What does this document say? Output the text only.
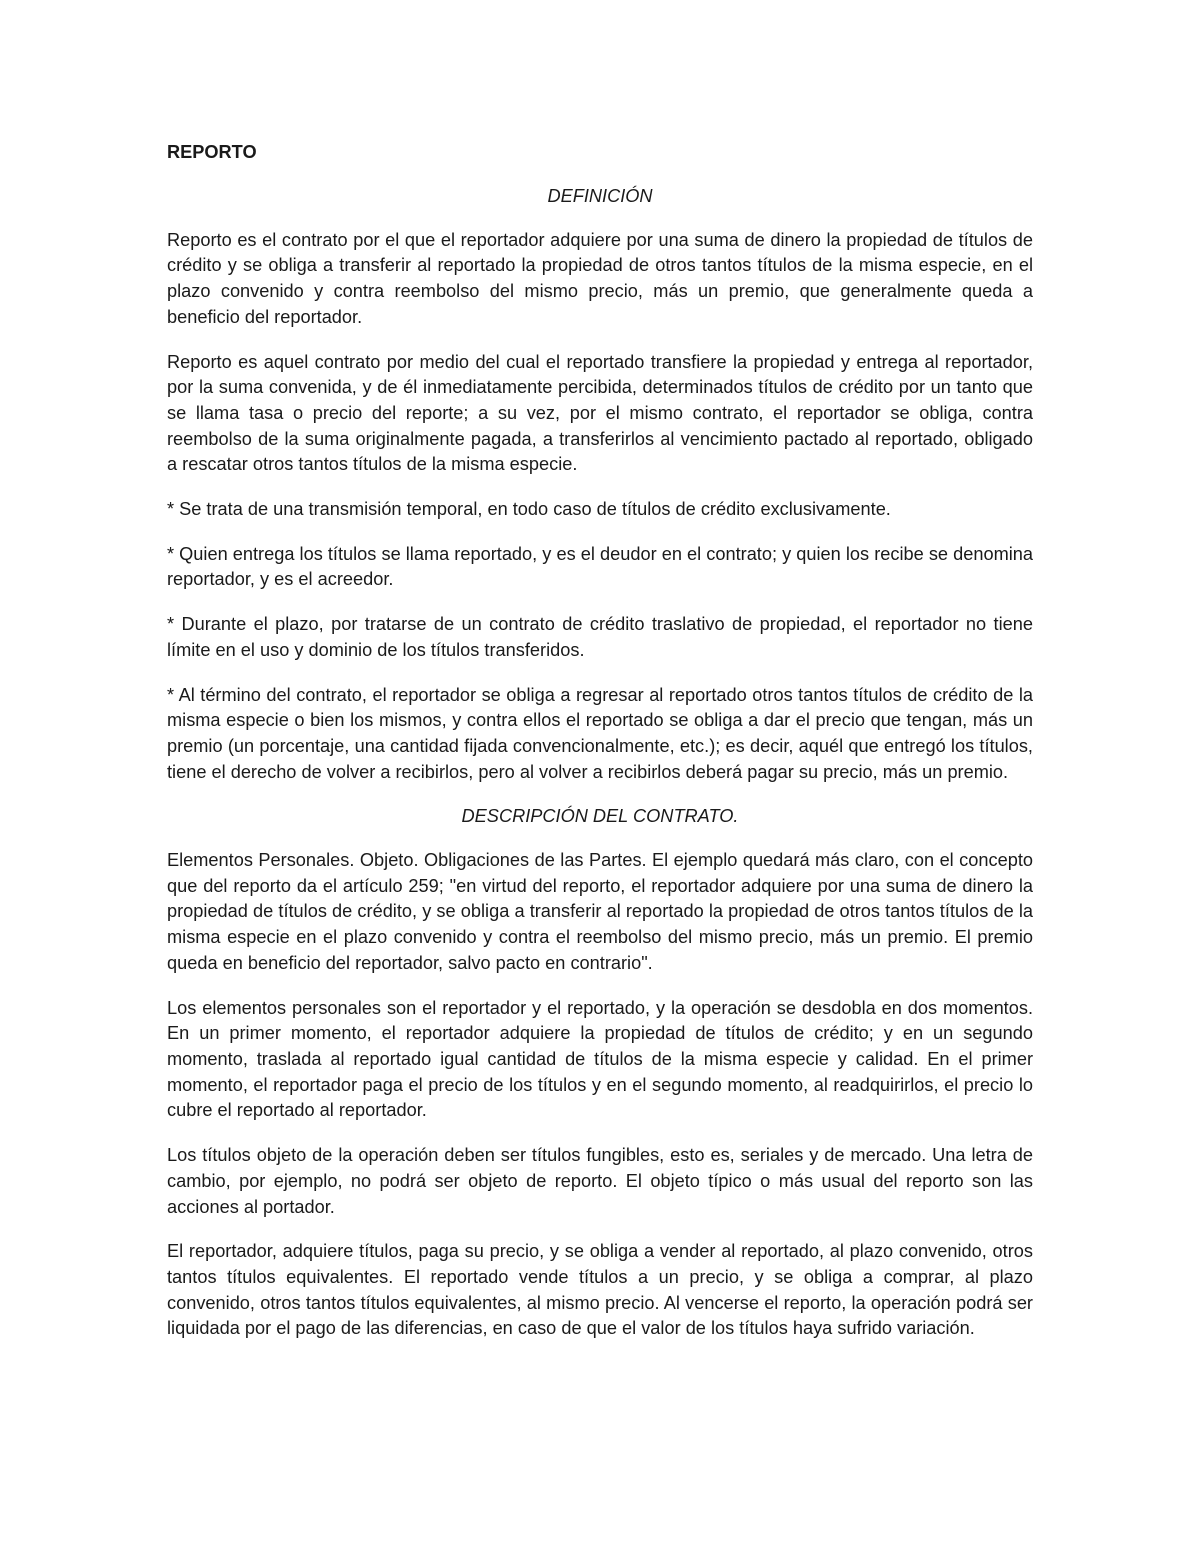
REPORTO
DEFINICIÓN

Reporto es el contrato por el que el reportador adquiere por una suma de dinero la propiedad de títulos de crédito y se obliga a transferir al reportado la propiedad de otros tantos títulos de la misma especie, en el plazo convenido y contra reembolso del mismo precio, más un premio, que generalmente queda a beneficio del reportador.

Reporto es aquel contrato por medio del cual el reportado transfiere la propiedad y entrega al reportador, por la suma convenida, y de él inmediatamente percibida, determinados títulos de crédito por un tanto que se llama tasa o precio del reporte; a su vez, por el mismo contrato, el reportador se obliga, contra reembolso de la suma originalmente pagada, a transferirlos al vencimiento pactado al reportado, obligado a rescatar otros tantos títulos de la misma especie.

* Se trata de una transmisión temporal, en todo caso de títulos de crédito exclusivamente.

* Quien entrega los títulos se llama reportado, y es el deudor en el contrato; y quien los recibe se denomina reportador, y es el acreedor.

* Durante el plazo, por tratarse de un contrato de crédito traslativo de propiedad, el reportador no tiene límite en el uso y dominio de los títulos transferidos.

* Al término del contrato, el reportador se obliga a regresar al reportado otros tantos títulos de crédito de la misma especie o bien los mismos, y contra ellos el reportado se obliga a dar el precio que tengan, más un premio (un porcentaje, una cantidad fijada convencionalmente, etc.); es decir, aquél que entregó los títulos, tiene el derecho de volver a recibirlos, pero al volver a recibirlos deberá pagar su precio, más un premio.

DESCRIPCIÓN DEL CONTRATO.

Elementos Personales. Objeto. Obligaciones de las Partes. El ejemplo quedará más claro, con el concepto que del reporto da el artículo 259; "en virtud del reporto, el reportador adquiere por una suma de dinero la propiedad de títulos de crédito, y se obliga a transferir al reportado la propiedad de otros tantos títulos de la misma especie en el plazo convenido y contra el reembolso del mismo precio, más un premio. El premio queda en beneficio del reportador, salvo pacto en contrario".

Los elementos personales son el reportador y el reportado, y la operación se desdobla en dos momentos. En un primer momento, el reportador adquiere la propiedad de títulos de crédito; y en un segundo momento, traslada al reportado igual cantidad de títulos de la misma especie y calidad. En el primer momento, el reportador paga el precio de los títulos y en el segundo momento, al readquirirlos, el precio lo cubre el reportado al reportador.

Los títulos objeto de la operación deben ser títulos fungibles, esto es, seriales y de mercado. Una letra de cambio, por ejemplo, no podrá ser objeto de reporto. El objeto típico o más usual del reporto son las acciones al portador.

El reportador, adquiere títulos, paga su precio, y se obliga a vender al reportado, al plazo convenido, otros tantos títulos equivalentes. El reportado vende títulos a un precio, y se obliga a comprar, al plazo convenido, otros tantos títulos equivalentes, al mismo precio. Al vencerse el reporto, la operación podrá ser liquidada por el pago de las diferencias, en caso de que el valor de los títulos haya sufrido variación.
